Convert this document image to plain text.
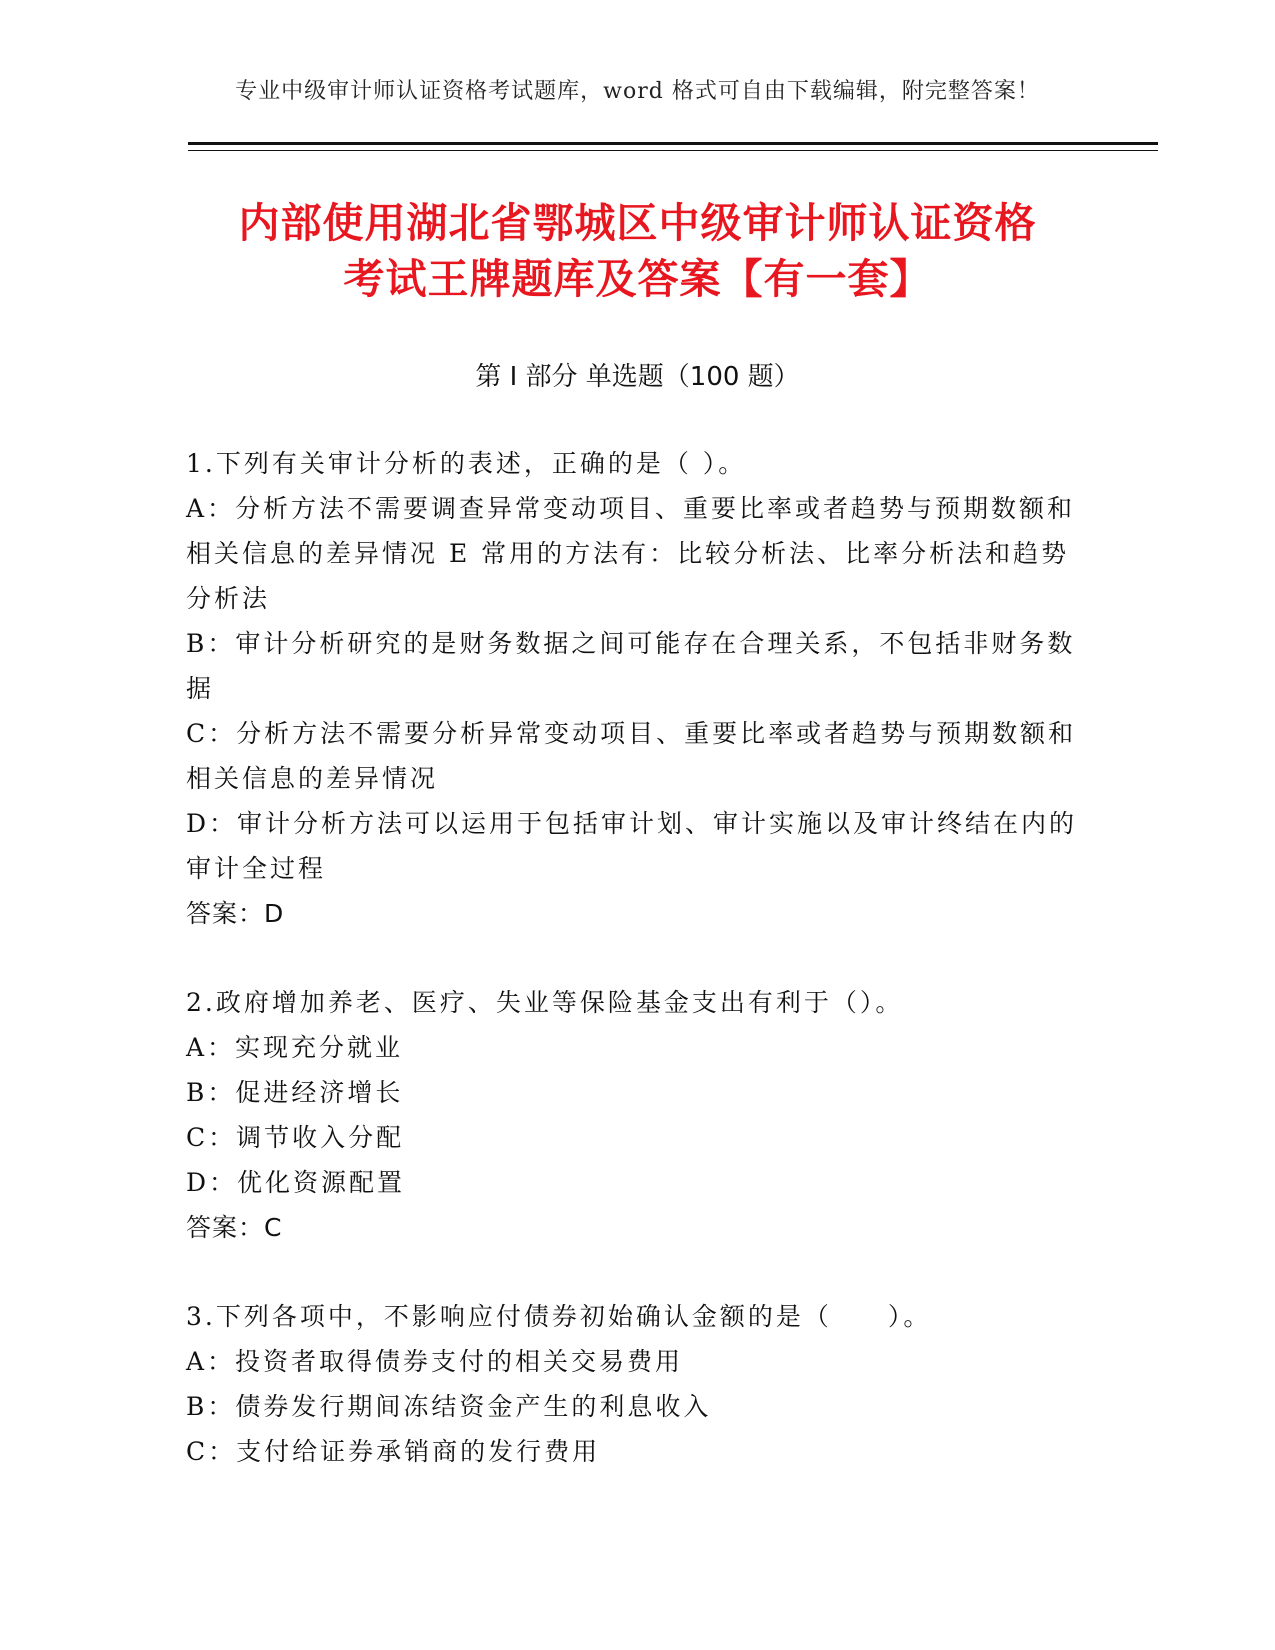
专业中级审计师认证资格考试题库，word 格式可自由下载编辑，附完整答案！
内部使用湖北省鄂城区中级审计师认证资格
考试王牌题库及答案【有一套】
第 I 部分 单选题（100 题）
1.下列有关审计分析的表述，正确的是（ ）。
A：分析方法不需要调查异常变动项目、重要比率或者趋势与预期数额和相关信息的差异情况 E 常用的方法有：比较分析法、比率分析法和趋势分析法
B：审计分析研究的是财务数据之间可能存在合理关系，不包括非财务数据
C：分析方法不需要分析异常变动项目、重要比率或者趋势与预期数额和相关信息的差异情况
D：审计分析方法可以运用于包括审计划、审计实施以及审计终结在内的审计全过程
答案：D
2.政府增加养老、医疗、失业等保险基金支出有利于（）。
A：实现充分就业
B：促进经济增长
C：调节收入分配
D：优化资源配置
答案：C
3.下列各项中，不影响应付债券初始确认金额的是（　　）。
A：投资者取得债券支付的相关交易费用
B：债券发行期间冻结资金产生的利息收入
C：支付给证券承销商的发行费用
